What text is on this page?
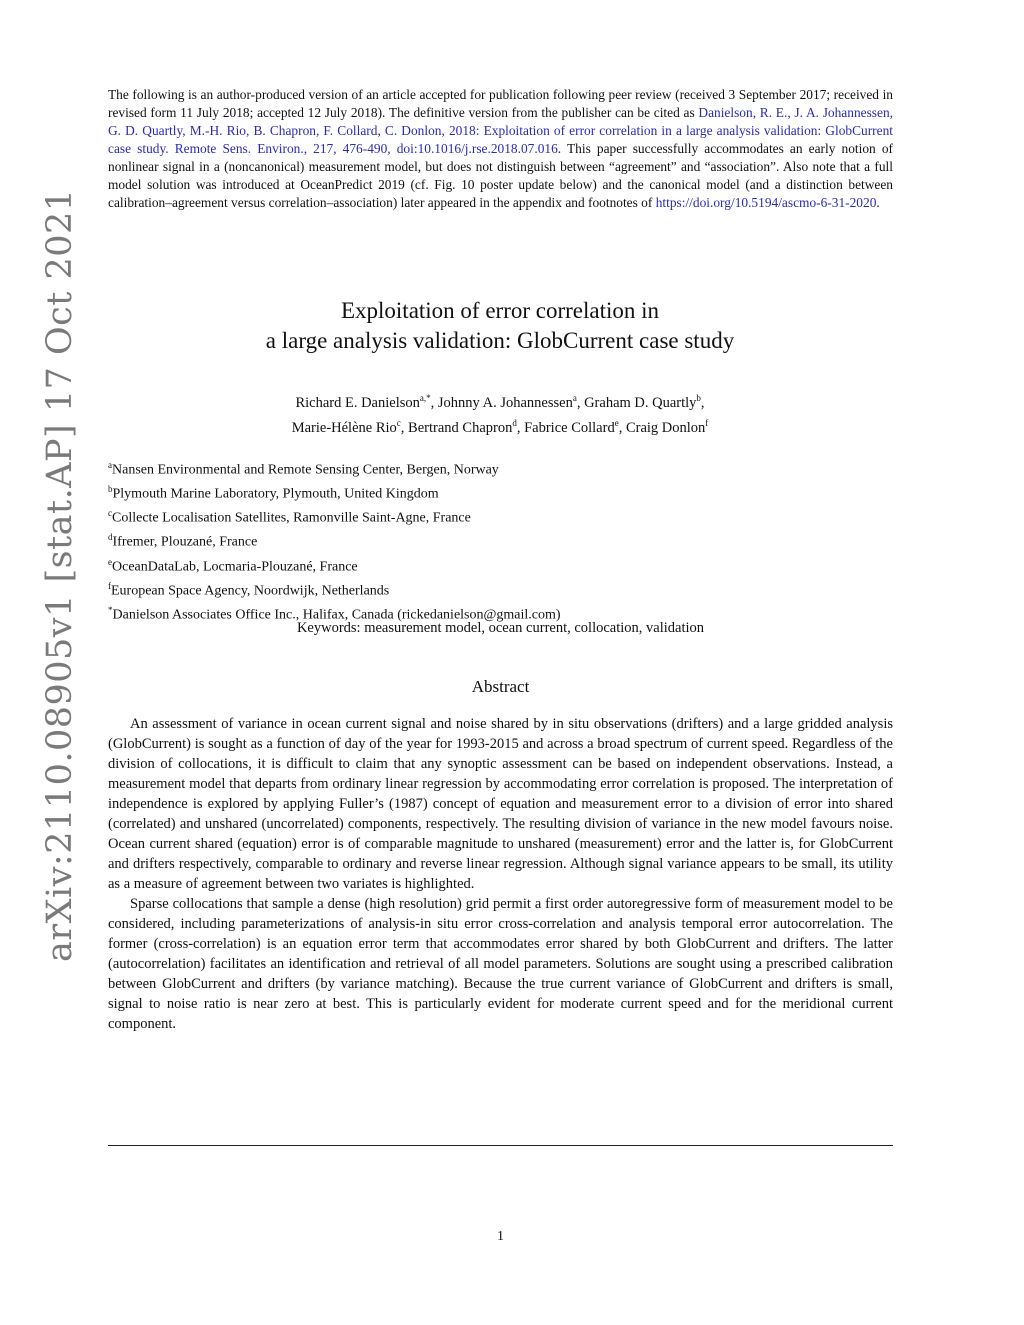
arXiv:2110.08905v1 [stat.AP] 17 Oct 2021
The following is an author-produced version of an article accepted for publication following peer review (received 3 September 2017; received in revised form 11 July 2018; accepted 12 July 2018). The definitive version from the publisher can be cited as Danielson, R. E., J. A. Johannessen, G. D. Quartly, M.-H. Rio, B. Chapron, F. Collard, C. Donlon, 2018: Exploitation of error correlation in a large analysis validation: GlobCurrent case study. Remote Sens. Environ., 217, 476-490, doi:10.1016/j.rse.2018.07.016. This paper successfully accommodates an early notion of nonlinear signal in a (noncanonical) measurement model, but does not distinguish between “agreement” and “association”. Also note that a full model solution was introduced at OceanPredict 2019 (cf. Fig. 10 poster update below) and the canonical model (and a distinction between calibration–agreement versus correlation–association) later appeared in the appendix and footnotes of https://doi.org/10.5194/ascmo-6-31-2020.
Exploitation of error correlation in
a large analysis validation: GlobCurrent case study
Richard E. Danielson$^{a,*}$, Johnny A. Johannessen$^a$, Graham D. Quartly$^b$,
Marie-Hélène Rio$^c$, Bertrand Chapron$^d$, Fabrice Collard$^e$, Craig Donlon$^f$
$^a$Nansen Environmental and Remote Sensing Center, Bergen, Norway
$^b$Plymouth Marine Laboratory, Plymouth, United Kingdom
$^c$Collecte Localisation Satellites, Ramonville Saint-Agne, France
$^d$Ifremer, Plouzané, France
$^e$OceanDataLab, Locmaria-Plouzané, France
$^f$European Space Agency, Noordwijk, Netherlands
*Danielson Associates Office Inc., Halifax, Canada (rickedanielson@gmail.com)
Keywords: measurement model, ocean current, collocation, validation
Abstract

An assessment of variance in ocean current signal and noise shared by in situ observations (drifters) and a large gridded analysis (GlobCurrent) is sought as a function of day of the year for 1993-2015 and across a broad spectrum of current speed. Regardless of the division of collocations, it is difficult to claim that any synoptic assessment can be based on independent observations. Instead, a measurement model that departs from ordinary linear regression by accommodating error correlation is proposed. The interpretation of independence is explored by applying Fuller’s (1987) concept of equation and measurement error to a division of error into shared (correlated) and unshared (uncorrelated) components, respectively. The resulting division of variance in the new model favours noise. Ocean current shared (equation) error is of comparable magnitude to unshared (measurement) error and the latter is, for GlobCurrent and drifters respectively, comparable to ordinary and reverse linear regression. Although signal variance appears to be small, its utility as a measure of agreement between two variates is highlighted.

Sparse collocations that sample a dense (high resolution) grid permit a first order autoregressive form of measurement model to be considered, including parameterizations of analysis-in situ error cross-correlation and analysis temporal error autocorrelation. The former (cross-correlation) is an equation error term that accommodates error shared by both GlobCurrent and drifters. The latter (autocorrelation) facilitates an identification and retrieval of all model parameters. Solutions are sought using a prescribed calibration between GlobCurrent and drifters (by variance matching). Because the true current variance of GlobCurrent and drifters is small, signal to noise ratio is near zero at best. This is particularly evident for moderate current speed and for the meridional current component.

1
